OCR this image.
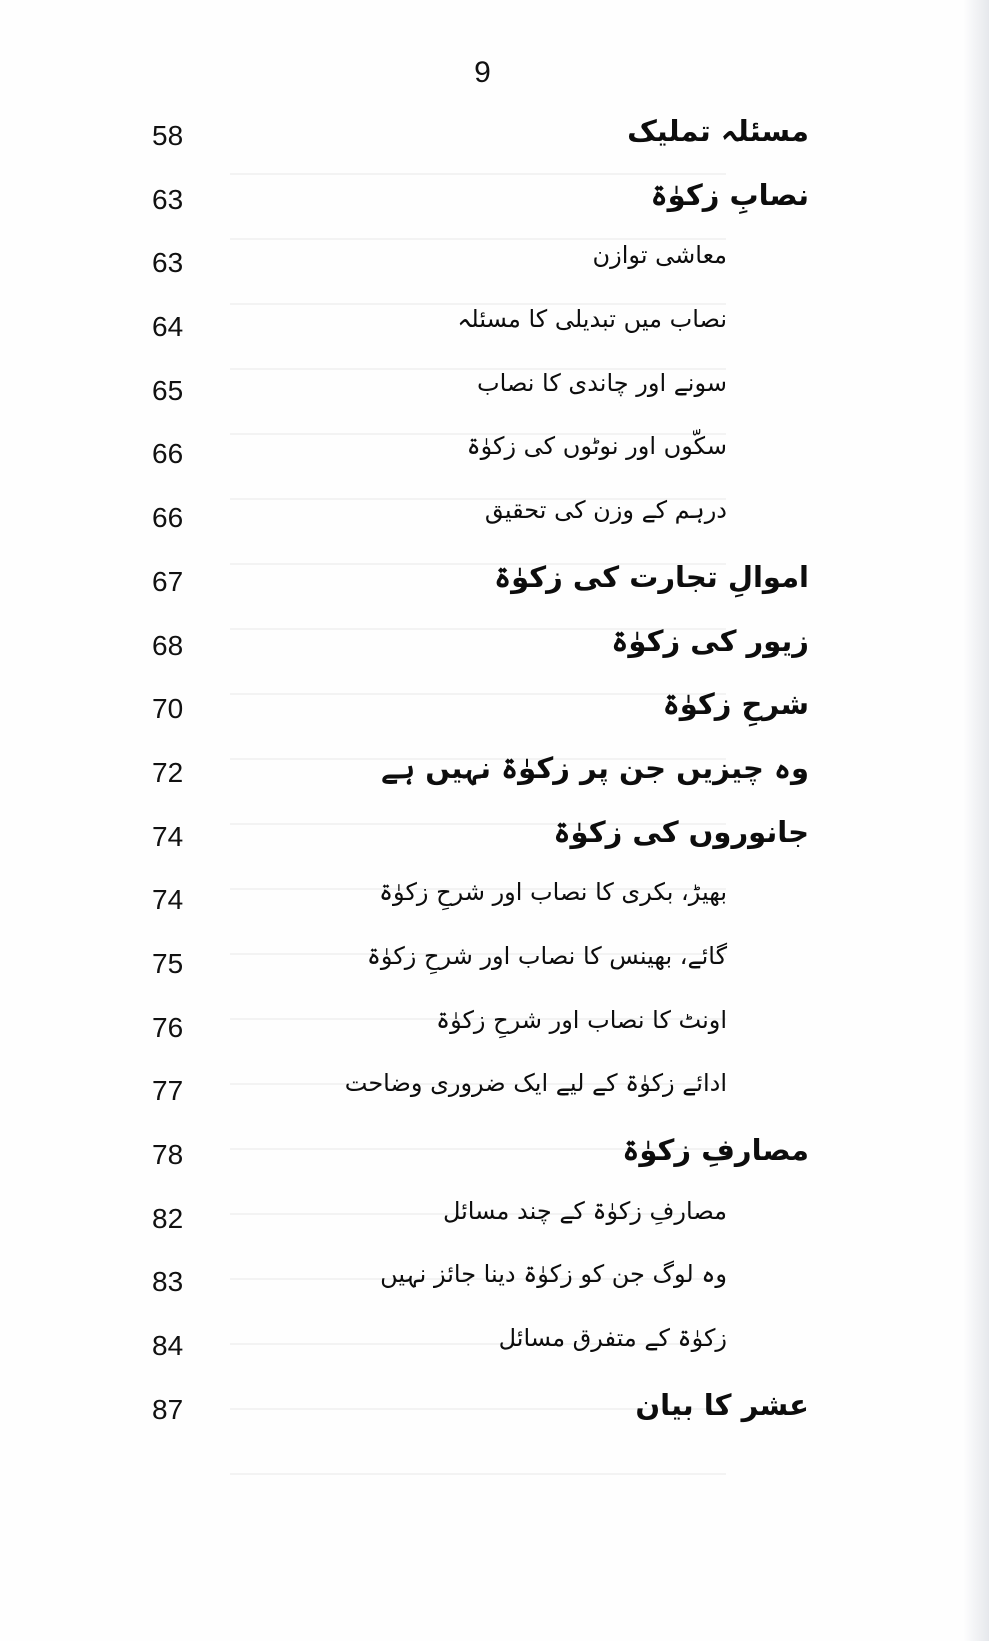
9
مسئلہ تملیک
58
نصابِ زکوٰۃ
63
معاشی توازن
63
نصاب میں تبدیلی کا مسئلہ
64
سونے اور چاندی کا نصاب
65
سکّوں اور نوٹوں کی زکوٰۃ
66
درہم کے وزن کی تحقیق
66
اموالِ تجارت کی زکوٰۃ
67
زیور کی زکوٰۃ
68
شرحِ زکوٰۃ
70
وہ چیزیں جن پر زکوٰۃ نہیں ہے
72
جانوروں کی زکوٰۃ
74
بھیڑ، بکری کا نصاب اور شرحِ زکوٰۃ
74
گائے، بھینس کا نصاب اور شرحِ زکوٰۃ
75
اونٹ کا نصاب اور شرحِ زکوٰۃ
76
ادائے زکوٰۃ کے لیے ایک ضروری وضاحت
77
مصارفِ زکوٰۃ
78
مصارفِ زکوٰۃ کے چند مسائل
82
وہ لوگ جن کو زکوٰۃ دینا جائز نہیں
83
زکوٰۃ کے متفرق مسائل
84
عشر کا بیان
87
